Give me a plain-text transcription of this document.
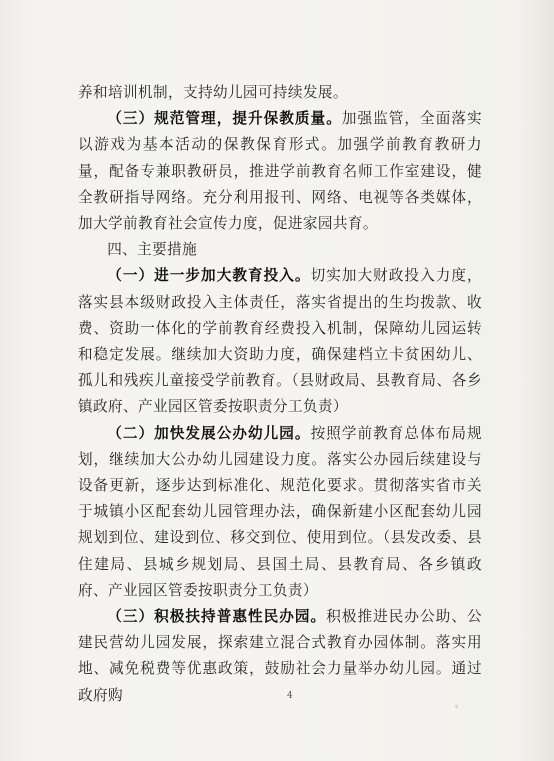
养和培训机制，支持幼儿园可持续发展。

（三）规范管理，提升保教质量。加强监管，全面落实以游戏为基本活动的保教保育形式。加强学前教育教研力量，配备专兼职教研员，推进学前教育名师工作室建设，健全教研指导网络。充分利用报刊、网络、电视等各类媒体， 加大学前教育社会宣传力度，促进家园共育。

四、主要措施

（一）进一步加大教育投入。切实加大财政投入力度，落实县本级财政投入主体责任，落实省提出的生均拨款、收费、资助一体化的学前教育经费投入机制，保障幼儿园运转和稳定发展。继续加大资助力度，确保建档立卡贫困幼儿、孤儿和残疾儿童接受学前教育。（县财政局、县教育局、各乡镇政府、产业园区管委按职责分工负责）

（二）加快发展公办幼儿园。按照学前教育总体布局规划，继续加大公办幼儿园建设力度。落实公办园后续建设与设备更新，逐步达到标准化、规范化要求。贯彻落实省市关于城镇小区配套幼儿园管理办法，确保新建小区配套幼儿园规划到位、建设到位、移交到位、使用到位。（县发改委、县住建局、县城乡规划局、县国土局、县教育局、各乡镇政府、产业园区管委按职责分工负责）

（三）积极扶持普惠性民办园。积极推进民办公助、公建民营幼儿园发展，探索建立混合式教育办园体制。落实用地、减免税费等优惠政策，鼓励社会力量举办幼儿园。通过政府购	4
